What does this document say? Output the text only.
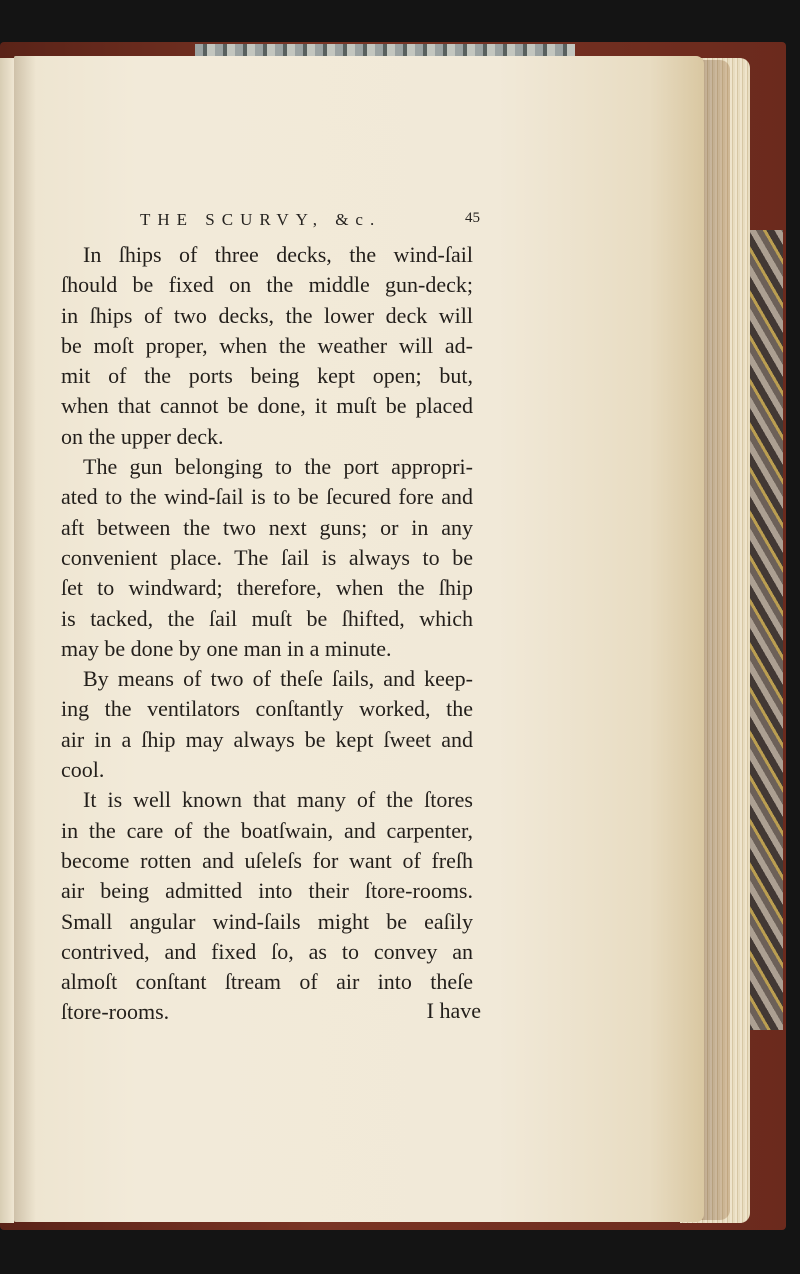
THE SCURVY, &c.	45

In ſhips of three decks, the wind-ſail
ſhould be fixed on the middle gun-deck;
in ſhips of two decks, the lower deck will
be moſt proper, when the weather will ad-
mit of the ports being kept open; but,
when that cannot be done, it muſt be placed
on the upper deck.

The gun belonging to the port appropri-
ated to the wind-ſail is to be ſecured fore and
aft between the two next guns; or in any
convenient place. The ſail is always to be
ſet to windward; therefore, when the ſhip
is tacked, the ſail muſt be ſhifted, which
may be done by one man in a minute.

By means of two of theſe ſails, and keep-
ing the ventilators conſtantly worked, the
air in a ſhip may always be kept ſweet and
cool.

It is well known that many of the ſtores
in the care of the boatſwain, and carpenter,
become rotten and uſeleſs for want of freſh
air being admitted into their ſtore-rooms.
Small angular wind-ſails might be eaſily
contrived, and fixed ſo, as to convey an
almoſt conſtant ſtream of air into theſe
ſtore-rooms.	I have
